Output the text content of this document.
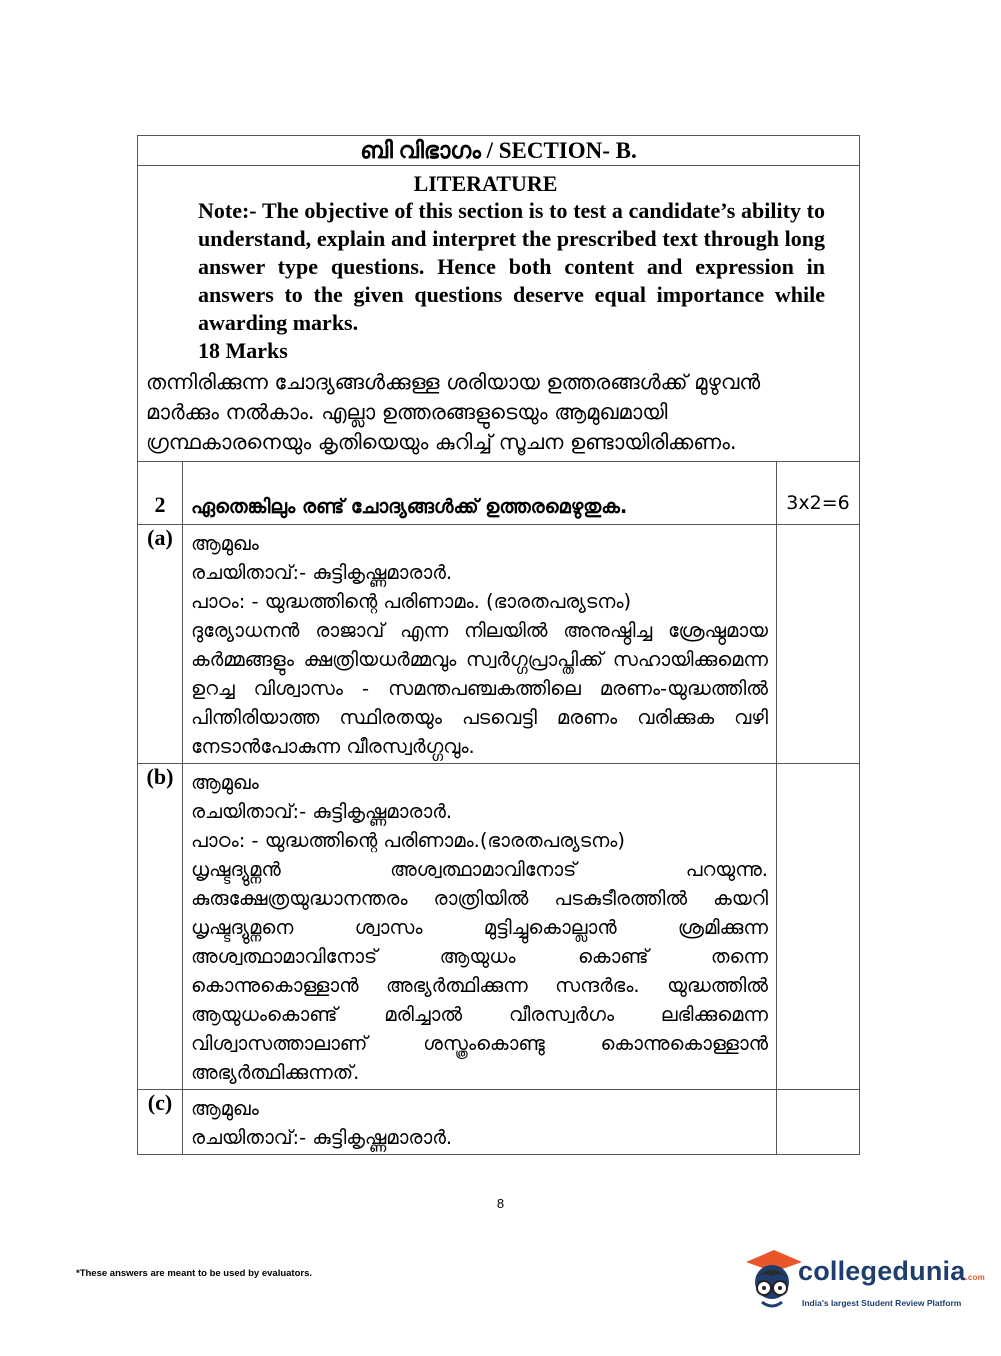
ബി വിഭാഗം / SECTION- B.		

LITERATURE
Note:- The objective of this section is to test a candidate’s ability to understand, explain and interpret the prescribed text through long answer type questions. Hence both content and expression in answers to the given questions deserve equal importance while awarding marks.
18 Marks
തന്നിരിക്കുന്ന ചോദ്യങ്ങൾക്കുള്ള ശരിയായ ഉത്തരങ്ങൾക്ക് മുഴുവൻ മാർക്കും നൽകാം. എല്ലാ ഉത്തരങ്ങളുടെയും ആമുഖമായി ഗ്രന്ഥകാരനെയും കൃതിയെയും കുറിച്ച് സൂചന ഉണ്ടായിരിക്കണം.		

2	ഏതെങ്കിലും രണ്ട് ചോദ്യങ്ങൾക്ക് ഉത്തരമെഴുതുക.	3x2=6
(a)	ആമുഖം
രചയിതാവ്:- കുട്ടികൃഷ്ണമാരാർ.
പാഠം: - യുദ്ധത്തിന്റെ പരിണാമം. (ഭാരതപര്യടനം)
ദുര്യോധനൻ രാജാവ് എന്ന നിലയിൽ അനുഷ്ഠിച്ച ശ്രേഷ്ഠമായ കർമ്മങ്ങളും ക്ഷത്രിയധർമ്മവും സ്വർഗ്ഗപ്രാപ്തിക്ക് സഹായിക്കുമെന്ന ഉറച്ച വിശ്വാസം - സമന്തപഞ്ചകത്തിലെ മരണം-യുദ്ധത്തിൽ പിന്തിരിയാത്ത സ്ഥിരതയും പടവെട്ടി മരണം വരിക്കുക വഴി നേടാൻപോകുന്ന വീരസ്വർഗ്ഗവും.	

(b)	ആമുഖം
രചയിതാവ്:- കുട്ടികൃഷ്ണമാരാർ.
പാഠം: - യുദ്ധത്തിന്റെ പരിണാമം.(ഭാരതപര്യടനം)
ധൃഷ്ടദ്യുമ്നൻ അശ്വത്ഥാമാവിനോട് പറയുന്നു. കുരുക്ഷേത്രയുദ്ധാനന്തരം രാത്രിയിൽ പടകുടീരത്തിൽ കയറി ധൃഷ്ടദ്യുമ്നനെ ശ്വാസം മുട്ടിച്ചുകൊല്ലാൻ ശ്രമിക്കുന്ന അശ്വത്ഥാമാവിനോട് ആയുധം കൊണ്ട് തന്നെ കൊന്നുകൊള്ളാൻ അഭ്യർത്ഥിക്കുന്ന സന്ദർഭം. യുദ്ധത്തിൽ ആയുധംകൊണ്ട് മരിച്ചാൽ വീരസ്വർഗം ലഭിക്കുമെന്ന വിശ്വാസത്താലാണ് ശസ്ത്രംകൊണ്ടു കൊന്നുകൊള്ളാൻ അഭ്യർത്ഥിക്കുന്നത്.	

(c)	ആമുഖം
രചയിതാവ്:- കുട്ടികൃഷ്ണമാരാർ.	

8
*These answers are meant to be used by evaluators.	collegedunia.com
India's largest Student Review Platform
